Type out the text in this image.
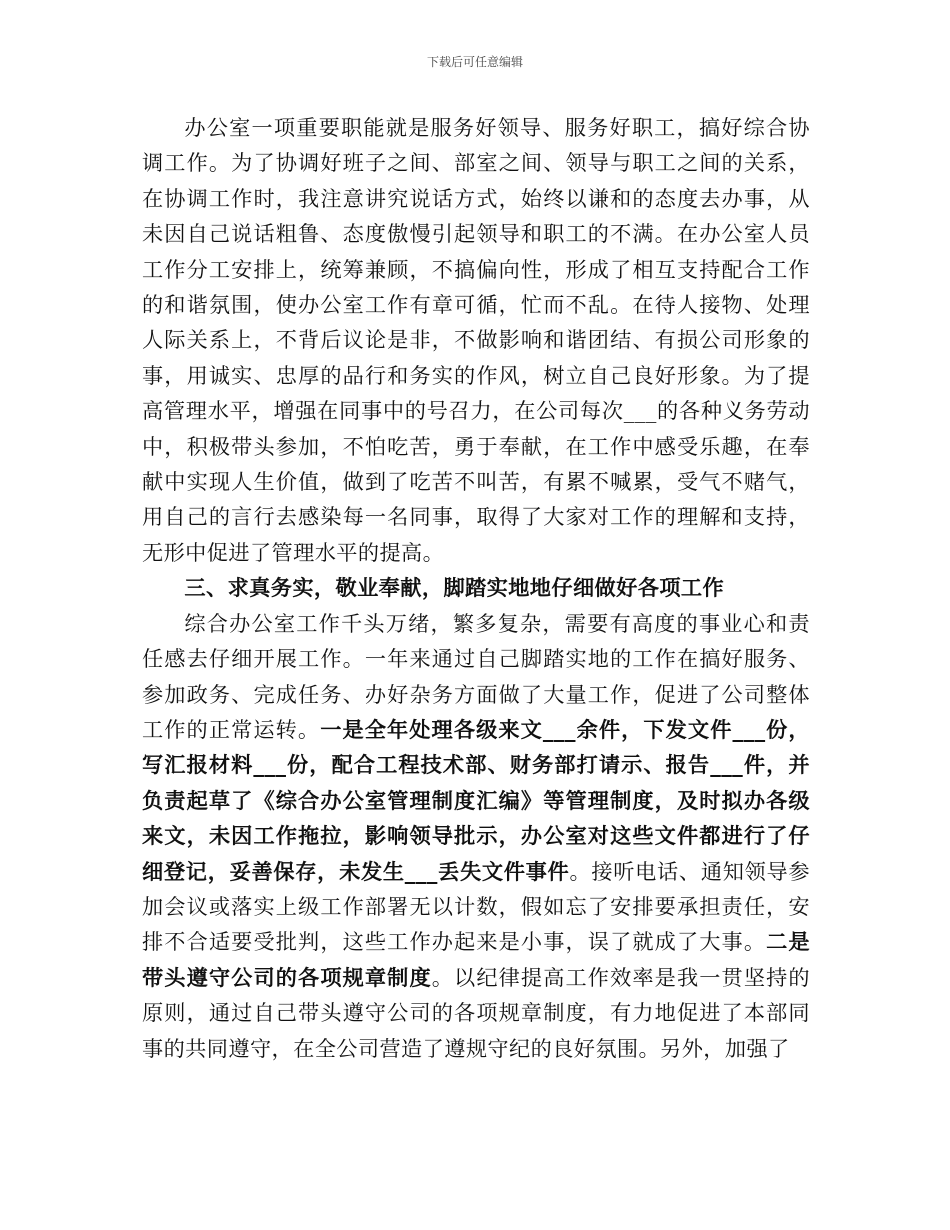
下载后可任意编辑

办公室一项重要职能就是服务好领导、服务好职工，搞好综合协调工作。为了协调好班子之间、部室之间、领导与职工之间的关系，在协调工作时，我注意讲究说话方式，始终以谦和的态度去办事，从未因自己说话粗鲁、态度傲慢引起领导和职工的不满。在办公室人员工作分工安排上，统筹兼顾，不搞偏向性，形成了相互支持配合工作的和谐氛围，使办公室工作有章可循，忙而不乱。在待人接物、处理人际关系上，不背后议论是非，不做影响和谐团结、有损公司形象的事，用诚实、忠厚的品行和务实的作风，树立自己良好形象。为了提高管理水平，增强在同事中的号召力，在公司每次___的各种义务劳动中，积极带头参加，不怕吃苦，勇于奉献，在工作中感受乐趣，在奉献中实现人生价值，做到了吃苦不叫苦，有累不喊累，受气不赌气，用自己的言行去感染每一名同事，取得了大家对工作的理解和支持，无形中促进了管理水平的提高。

三、求真务实，敬业奉献，脚踏实地地仔细做好各项工作

综合办公室工作千头万绪，繁多复杂，需要有高度的事业心和责任感去仔细开展工作。一年来通过自己脚踏实地的工作在搞好服务、参加政务、完成任务、办好杂务方面做了大量工作，促进了公司整体工作的正常运转。一是全年处理各级来文___余件，下发文件___份，写汇报材料___份，配合工程技术部、财务部打请示、报告___件，并负责起草了《综合办公室管理制度汇编》等管理制度，及时拟办各级来文，未因工作拖拉，影响领导批示，办公室对这些文件都进行了仔细登记，妥善保存，未发生___丢失文件事件。接听电话、通知领导参加会议或落实上级工作部署无以计数，假如忘了安排要承担责任，安排不合适要受批判，这些工作办起来是小事，误了就成了大事。二是带头遵守公司的各项规章制度。以纪律提高工作效率是我一贯坚持的原则，通过自己带头遵守公司的各项规章制度，有力地促进了本部同事的共同遵守，在全公司营造了遵规守纪的良好氛围。另外，加强了
